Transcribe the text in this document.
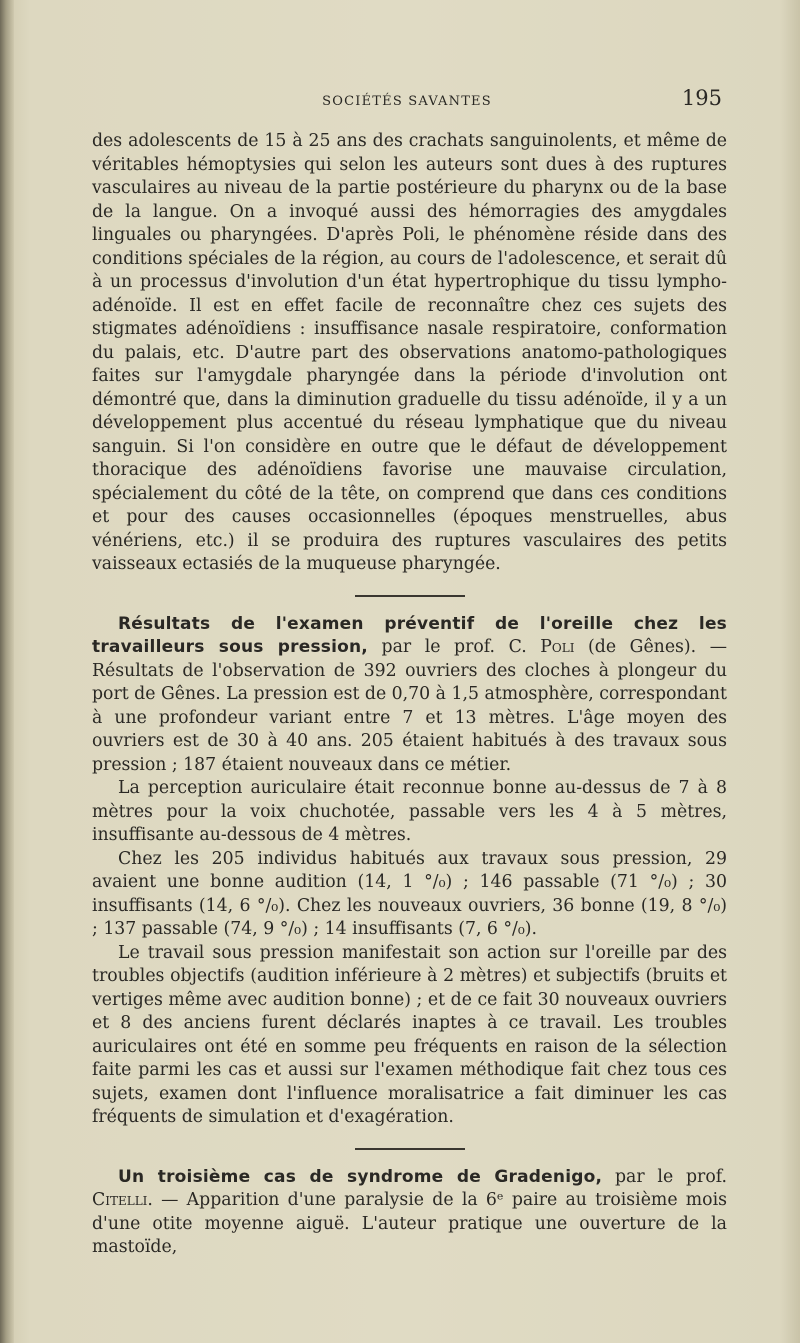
SOCIÉTÉS SAVANTES	195

des adolescents de 15 à 25 ans des crachats sanguinolents, et même de véritables hémoptysies qui selon les auteurs sont dues à des ruptures vasculaires au niveau de la partie postérieure du pharynx ou de la base de la langue. On a invoqué aussi des hémorragies des amygdales linguales ou pharyngées. D'après Poli, le phénomène réside dans des conditions spéciales de la région, au cours de l'adolescence, et serait dû à un processus d'involution d'un état hypertrophique du tissu lympho-adénoïde. Il est en effet facile de reconnaître chez ces sujets des stigmates adénoïdiens : insuffisance nasale respiratoire, conformation du palais, etc. D'autre part des observations anatomo-pathologiques faites sur l'amygdale pharyngée dans la période d'involution ont démontré que, dans la diminution graduelle du tissu adénoïde, il y a un développement plus accentué du réseau lymphatique que du niveau sanguin. Si l'on considère en outre que le défaut de développement thoracique des adénoïdiens favorise une mauvaise circulation, spécialement du côté de la tête, on comprend que dans ces conditions et pour des causes occasionnelles (époques menstruelles, abus vénériens, etc.) il se produira des ruptures vasculaires des petits vaisseaux ectasiés de la muqueuse pharyngée.

Résultats de l'examen préventif de l'oreille chez les travailleurs sous pression, par le prof. C. Poli (de Gênes). — Résultats de l'observation de 392 ouvriers des cloches à plongeur du port de Gênes. La pression est de 0,70 à 1,5 atmosphère, correspondant à une profondeur variant entre 7 et 13 mètres. L'âge moyen des ouvriers est de 30 à 40 ans. 205 étaient habitués à des travaux sous pression ; 187 étaient nouveaux dans ce métier.

La perception auriculaire était reconnue bonne au-dessus de 7 à 8 mètres pour la voix chuchotée, passable vers les 4 à 5 mètres, insuffisante au-dessous de 4 mètres.

Chez les 205 individus habitués aux travaux sous pression, 29 avaient une bonne audition (14, 1 °/₀) ; 146 passable (71 °/₀) ; 30 insuffisants (14, 6 °/₀). Chez les nouveaux ouvriers, 36 bonne (19, 8 °/₀) ; 137 passable (74, 9 °/₀) ; 14 insuffisants (7, 6 °/₀).

Le travail sous pression manifestait son action sur l'oreille par des troubles objectifs (audition inférieure à 2 mètres) et subjectifs (bruits et vertiges même avec audition bonne) ; et de ce fait 30 nouveaux ouvriers et 8 des anciens furent déclarés inaptes à ce travail. Les troubles auriculaires ont été en somme peu fréquents en raison de la sélection faite parmi les cas et aussi sur l'examen méthodique fait chez tous ces sujets, examen dont l'influence moralisatrice a fait diminuer les cas fréquents de simulation et d'exagération.

Un troisième cas de syndrome de Gradenigo, par le prof. Citelli. — Apparition d'une paralysie de la 6ᵉ paire au troisième mois d'une otite moyenne aiguë. L'auteur pratique une ouverture de la mastoïde,
